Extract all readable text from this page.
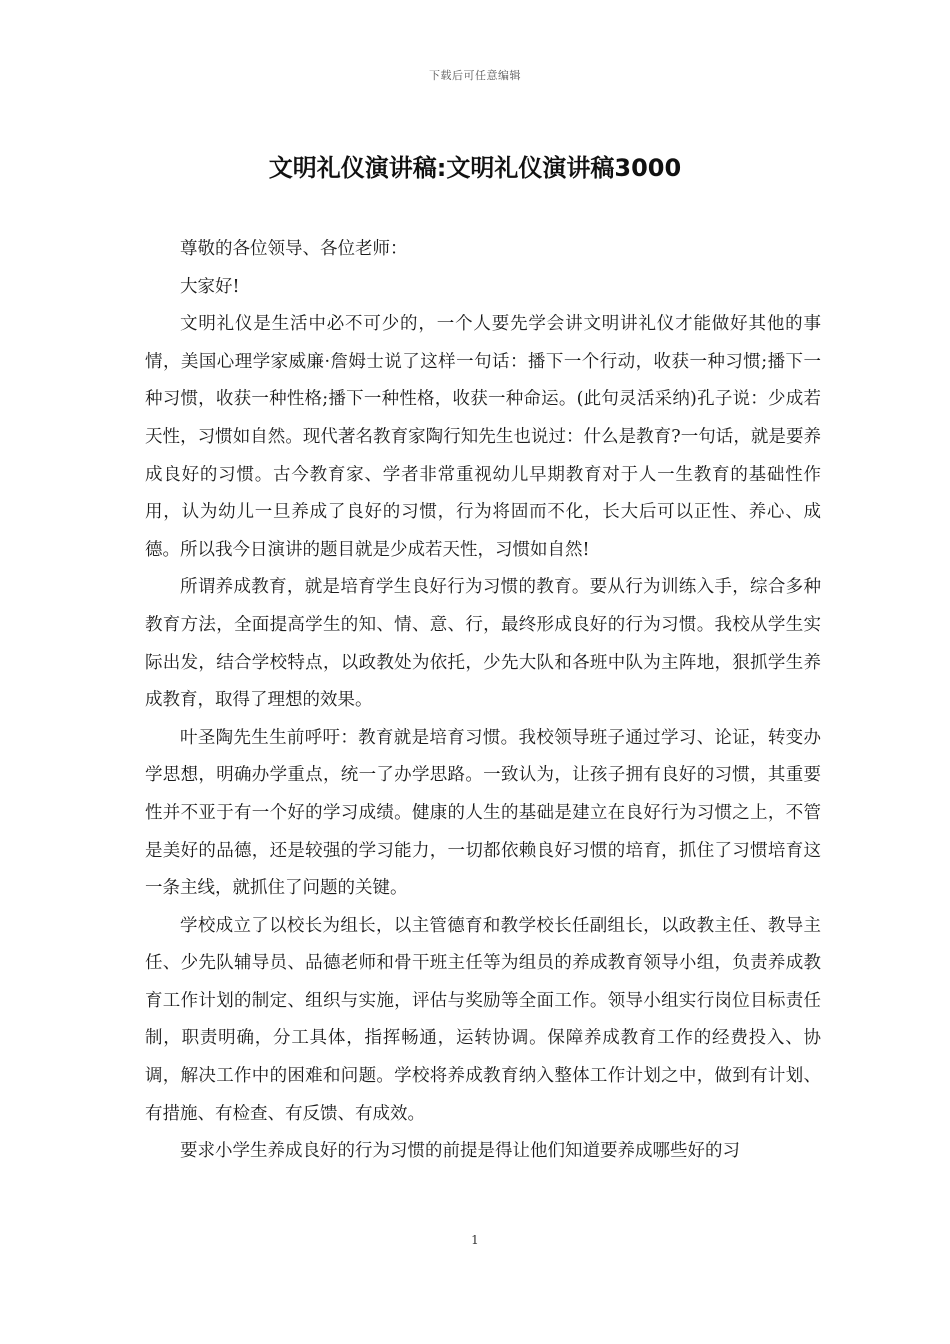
下载后可任意编辑
文明礼仪演讲稿:文明礼仪演讲稿3000

尊敬的各位领导、各位老师：

大家好!

文明礼仪是生活中必不可少的，一个人要先学会讲文明讲礼仪才能做好其他的事情，美国心理学家威廉·詹姆士说了这样一句话：播下一个行动，收获一种习惯;播下一种习惯，收获一种性格;播下一种性格，收获一种命运。(此句灵活采纳)孔子说：少成若天性，习惯如自然。现代著名教育家陶行知先生也说过：什么是教育?一句话，就是要养成良好的习惯。古今教育家、学者非常重视幼儿早期教育对于人一生教育的基础性作用，认为幼儿一旦养成了良好的习惯，行为将固而不化，长大后可以正性、养心、成德。所以我今日演讲的题目就是少成若天性，习惯如自然!

所谓养成教育，就是培育学生良好行为习惯的教育。要从行为训练入手，综合多种教育方法，全面提高学生的知、情、意、行，最终形成良好的行为习惯。我校从学生实际出发，结合学校特点，以政教处为依托，少先大队和各班中队为主阵地，狠抓学生养成教育，取得了理想的效果。

叶圣陶先生生前呼吁：教育就是培育习惯。我校领导班子通过学习、论证，转变办学思想，明确办学重点，统一了办学思路。一致认为，让孩子拥有良好的习惯，其重要性并不亚于有一个好的学习成绩。健康的人生的基础是建立在良好行为习惯之上，不管是美好的品德，还是较强的学习能力，一切都依赖良好习惯的培育，抓住了习惯培育这一条主线，就抓住了问题的关键。

学校成立了以校长为组长，以主管德育和教学校长任副组长，以政教主任、教导主任、少先队辅导员、品德老师和骨干班主任等为组员的养成教育领导小组，负责养成教育工作计划的制定、组织与实施，评估与奖励等全面工作。领导小组实行岗位目标责任制，职责明确，分工具体，指挥畅通，运转协调。保障养成教育工作的经费投入、协调，解决工作中的困难和问题。学校将养成教育纳入整体工作计划之中，做到有计划、有措施、有检查、有反馈、有成效。

要求小学生养成良好的行为习惯的前提是得让他们知道要养成哪些好的习

1
